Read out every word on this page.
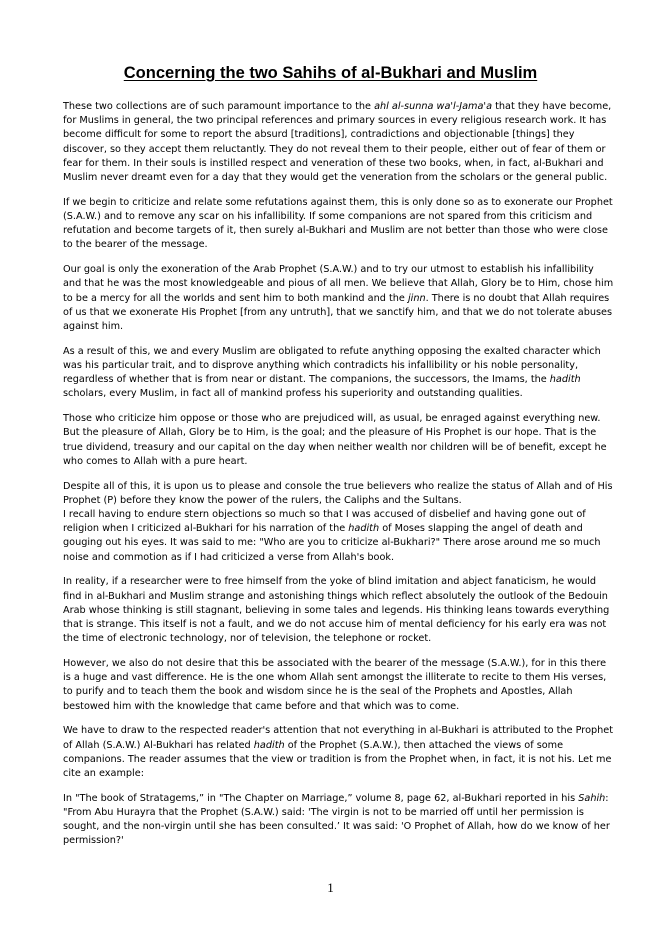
Concerning the two Sahihs of al-Bukhari and Muslim

These two collections are of such paramount importance to the ahl al-sunna wa'l-Jama'a that they have become, for Muslims in general, the two principal references and primary sources in every religious research work. It has become difficult for some to report the absurd [traditions], contradictions and objectionable [things] they discover, so they accept them reluctantly. They do not reveal them to their people, either out of fear of them or fear for them. In their souls is instilled respect and veneration of these two books, when, in fact, al-Bukhari and Muslim never dreamt even for a day that they would get the veneration from the scholars or the general public.

If we begin to criticize and relate some refutations against them, this is only done so as to exonerate our Prophet (S.A.W.) and to remove any scar on his infallibility. If some companions are not spared from this criticism and refutation and become targets of it, then surely al-Bukhari and Muslim are not better than those who were close to the bearer of the message.

Our goal is only the exoneration of the Arab Prophet (S.A.W.) and to try our utmost to establish his infallibility and that he was the most knowledgeable and pious of all men. We believe that Allah, Glory be to Him, chose him to be a mercy for all the worlds and sent him to both mankind and the jinn. There is no doubt that Allah requires of us that we exonerate His Prophet [from any untruth], that we sanctify him, and that we do not tolerate abuses against him.

As a result of this, we and every Muslim are obligated to refute anything opposing the exalted character which was his particular trait, and to disprove anything which contradicts his infallibility or his noble personality, regardless of whether that is from near or distant. The companions, the successors, the Imams, the hadith scholars, every Muslim, in fact all of mankind profess his superiority and outstanding qualities.

Those who criticize him oppose or those who are prejudiced will, as usual, be enraged against everything new. But the pleasure of Allah, Glory be to Him, is the goal; and the pleasure of His Prophet is our hope. That is the true dividend, treasury and our capital on the day when neither wealth nor children will be of benefit, except he who comes to Allah with a pure heart.

Despite all of this, it is upon us to please and console the true believers who realize the status of Allah and of His Prophet (P) before they know the power of the rulers, the Caliphs and the Sultans.

I recall having to endure stern objections so much so that I was accused of disbelief and having gone out of religion when I criticized al-Bukhari for his narration of the hadith of Moses slapping the angel of death and gouging out his eyes. It was said to me: "Who are you to criticize al-Bukhari?" There arose around me so much noise and commotion as if I had criticized a verse from Allah's book.

In reality, if a researcher were to free himself from the yoke of blind imitation and abject fanaticism, he would find in al-Bukhari and Muslim strange and astonishing things which reflect absolutely the outlook of the Bedouin Arab whose thinking is still stagnant, believing in some tales and legends. His thinking leans towards everything that is strange. This itself is not a fault, and we do not accuse him of mental deficiency for his early era was not the time of electronic technology, nor of television, the telephone or rocket.

However, we also do not desire that this be associated with the bearer of the message (S.A.W.), for in this there is a huge and vast difference. He is the one whom Allah sent amongst the illiterate to recite to them His verses, to purify and to teach them the book and wisdom since he is the seal of the Prophets and Apostles, Allah bestowed him with the knowledge that came before and that which was to come.

We have to draw to the respected reader's attention that not everything in al-Bukhari is attributed to the Prophet of Allah (S.A.W.) Al-Bukhari has related hadith of the Prophet (S.A.W.), then attached the views of some companions. The reader assumes that the view or tradition is from the Prophet when, in fact, it is not his. Let me cite an example:

In "The book of Stratagems,” in "The Chapter on Marriage,” volume 8, page 62, al-Bukhari reported in his Sahih: "From Abu Hurayra that the Prophet (S.A.W.) said: 'The virgin is not to be married off until her permission is sought, and the non-virgin until she has been consulted.’ It was said: 'O Prophet of Allah, how do we know of her permission?'

1
